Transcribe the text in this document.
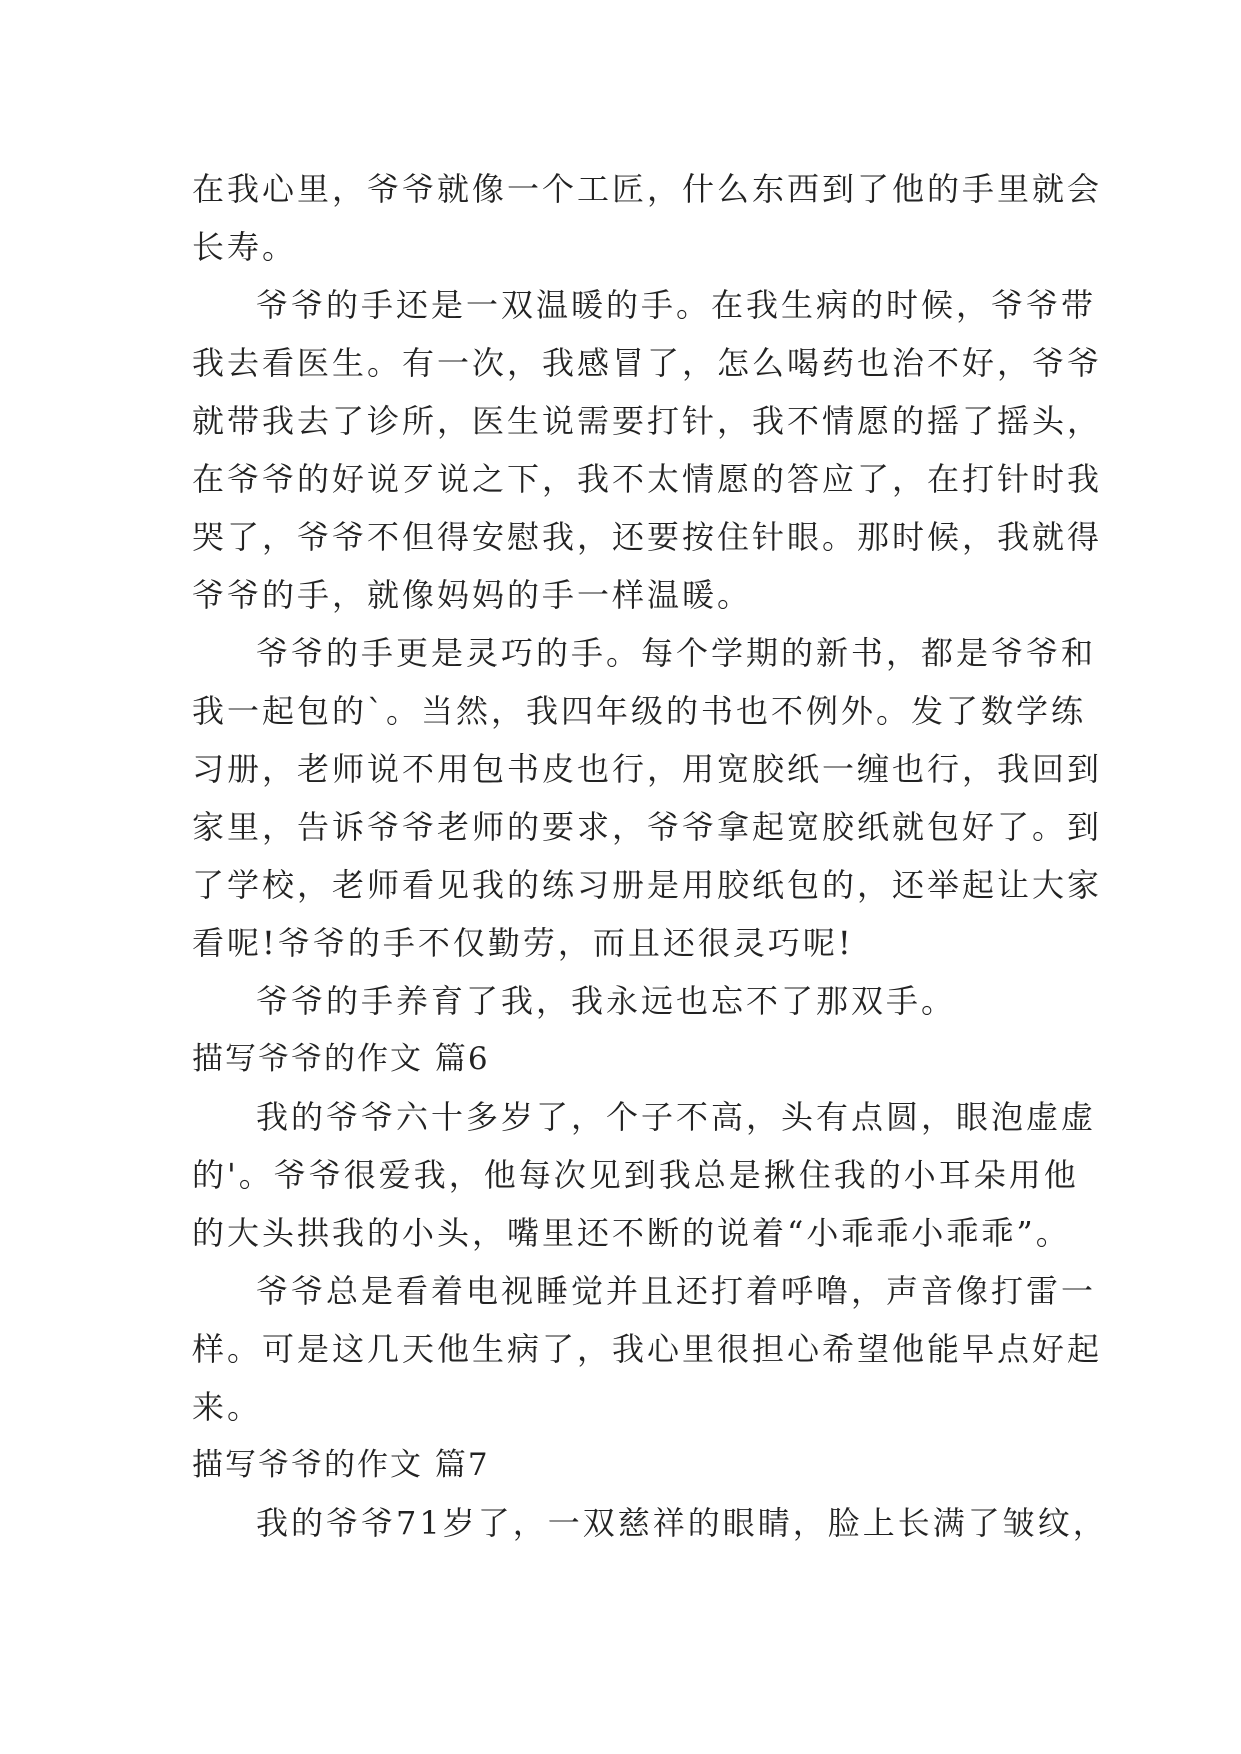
在我心里，爷爷就像一个工匠，什么东西到了他的手里就会
长寿。
爷爷的手还是一双温暖的手。在我生病的时候，爷爷带
我去看医生。有一次，我感冒了，怎么喝药也治不好，爷爷
就带我去了诊所，医生说需要打针，我不情愿的摇了摇头，
在爷爷的好说歹说之下，我不太情愿的答应了，在打针时我
哭了，爷爷不但得安慰我，还要按住针眼。那时候，我就得
爷爷的手，就像妈妈的手一样温暖。
爷爷的手更是灵巧的手。每个学期的新书，都是爷爷和
我一起包的`。当然，我四年级的书也不例外。发了数学练
习册，老师说不用包书皮也行，用宽胶纸一缠也行，我回到
家里，告诉爷爷老师的要求，爷爷拿起宽胶纸就包好了。到
了学校，老师看见我的练习册是用胶纸包的，还举起让大家
看呢!爷爷的手不仅勤劳，而且还很灵巧呢!
爷爷的手养育了我，我永远也忘不了那双手。
描写爷爷的作文 篇6
我的爷爷六十多岁了，个子不高，头有点圆，眼泡虚虚
的'。爷爷很爱我，他每次见到我总是揪住我的小耳朵用他
的大头拱我的小头，嘴里还不断的说着“小乖乖小乖乖”。
爷爷总是看着电视睡觉并且还打着呼噜，声音像打雷一
样。可是这几天他生病了，我心里很担心希望他能早点好起
来。
描写爷爷的作文 篇7
我的爷爷71岁了，一双慈祥的眼睛，脸上长满了皱纹，
